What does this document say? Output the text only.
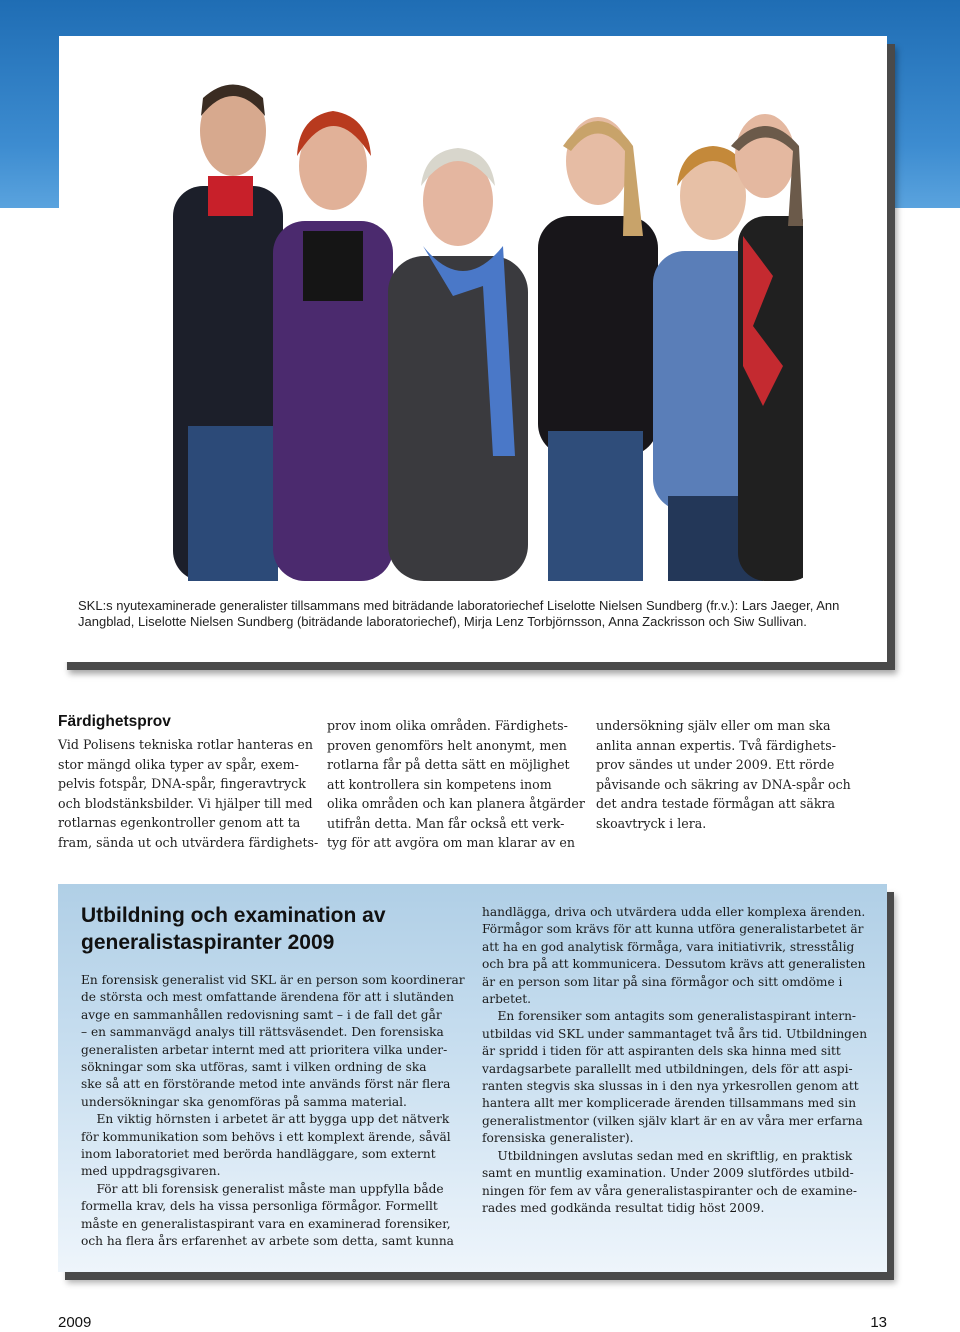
SKL:s nyutexaminerade generalister tillsammans med biträdande laboratoriechef Liselotte Nielsen Sundberg (fr.v.): Lars Jaeger, Ann
Jangblad, Liselotte Nielsen Sundberg (biträdande laboratoriechef), Mirja Lenz Torbjörnsson, Anna Zackrisson och Siw Sullivan.
Färdighetsprov
Vid Polisens tekniska rotlar hanteras en
stor mängd olika typer av spår, exem-
pelvis fotspår, DNA-spår, fingeravtryck
och blodstänksbilder. Vi hjälper till med
rotlarnas egenkontroller genom att ta
fram, sända ut och utvärdera färdighets-
prov inom olika områden. Färdighets-
proven genomförs helt anonymt, men
rotlarna får på detta sätt en möjlighet
att kontrollera sin kompetens inom
olika områden och kan planera åtgärder
utifrån detta. Man får också ett verk-
tyg för att avgöra om man klarar av en
undersökning själv eller om man ska
anlita annan expertis. Två färdighets-
prov sändes ut under 2009. Ett rörde
påvisande och säkring av DNA-spår och
det andra testade förmågan att säkra
skoavtryck i lera.
Utbildning och examination av
generalistaspiranter 2009
En forensisk generalist vid SKL är en person som koordinerar
de största och mest omfattande ärendena för att i slutänden
avge en sammanhållen redovisning samt – i de fall det går
– en sammanvägd analys till rättsväsendet. Den forensiska
generalisten arbetar internt med att prioritera vilka under-
sökningar som ska utföras, samt i vilken ordning de ska
ske så att en förstörande metod inte används först när flera
undersökningar ska genomföras på samma material.
En viktig hörnsten i arbetet är att bygga upp det nätverk
för kommunikation som behövs i ett komplext ärende, såväl
inom laboratoriet med berörda handläggare, som externt
med uppdragsgivaren.
För att bli forensisk generalist måste man uppfylla både
formella krav, dels ha vissa personliga förmågor. Formellt
måste en generalistaspirant vara en examinerad forensiker,
och ha flera års erfarenhet av arbete som detta, samt kunna
handlägga, driva och utvärdera udda eller komplexa ärenden.
Förmågor som krävs för att kunna utföra generalistarbetet är
att ha en god analytisk förmåga, vara initiativrik, stresstålig
och bra på att kommunicera. Dessutom krävs att generalisten
är en person som litar på sina förmågor och sitt omdöme i
arbetet.
En forensiker som antagits som generalistaspirant intern-
utbildas vid SKL under sammantaget två års tid. Utbildningen
är spridd i tiden för att aspiranten dels ska hinna med sitt
vardagsarbete parallellt med utbildningen, dels för att aspi-
ranten stegvis ska slussas in i den nya yrkesrollen genom att
hantera allt mer komplicerade ärenden tillsammans med sin
generalistmentor (vilken själv klart är en av våra mer erfarna
forensiska generalister).
Utbildningen avslutas sedan med en skriftlig, en praktisk
samt en muntlig examination. Under 2009 slutfördes utbild-
ningen för fem av våra generalistaspiranter och de examine-
rades med godkända resultat tidig höst 2009.
2009	13
